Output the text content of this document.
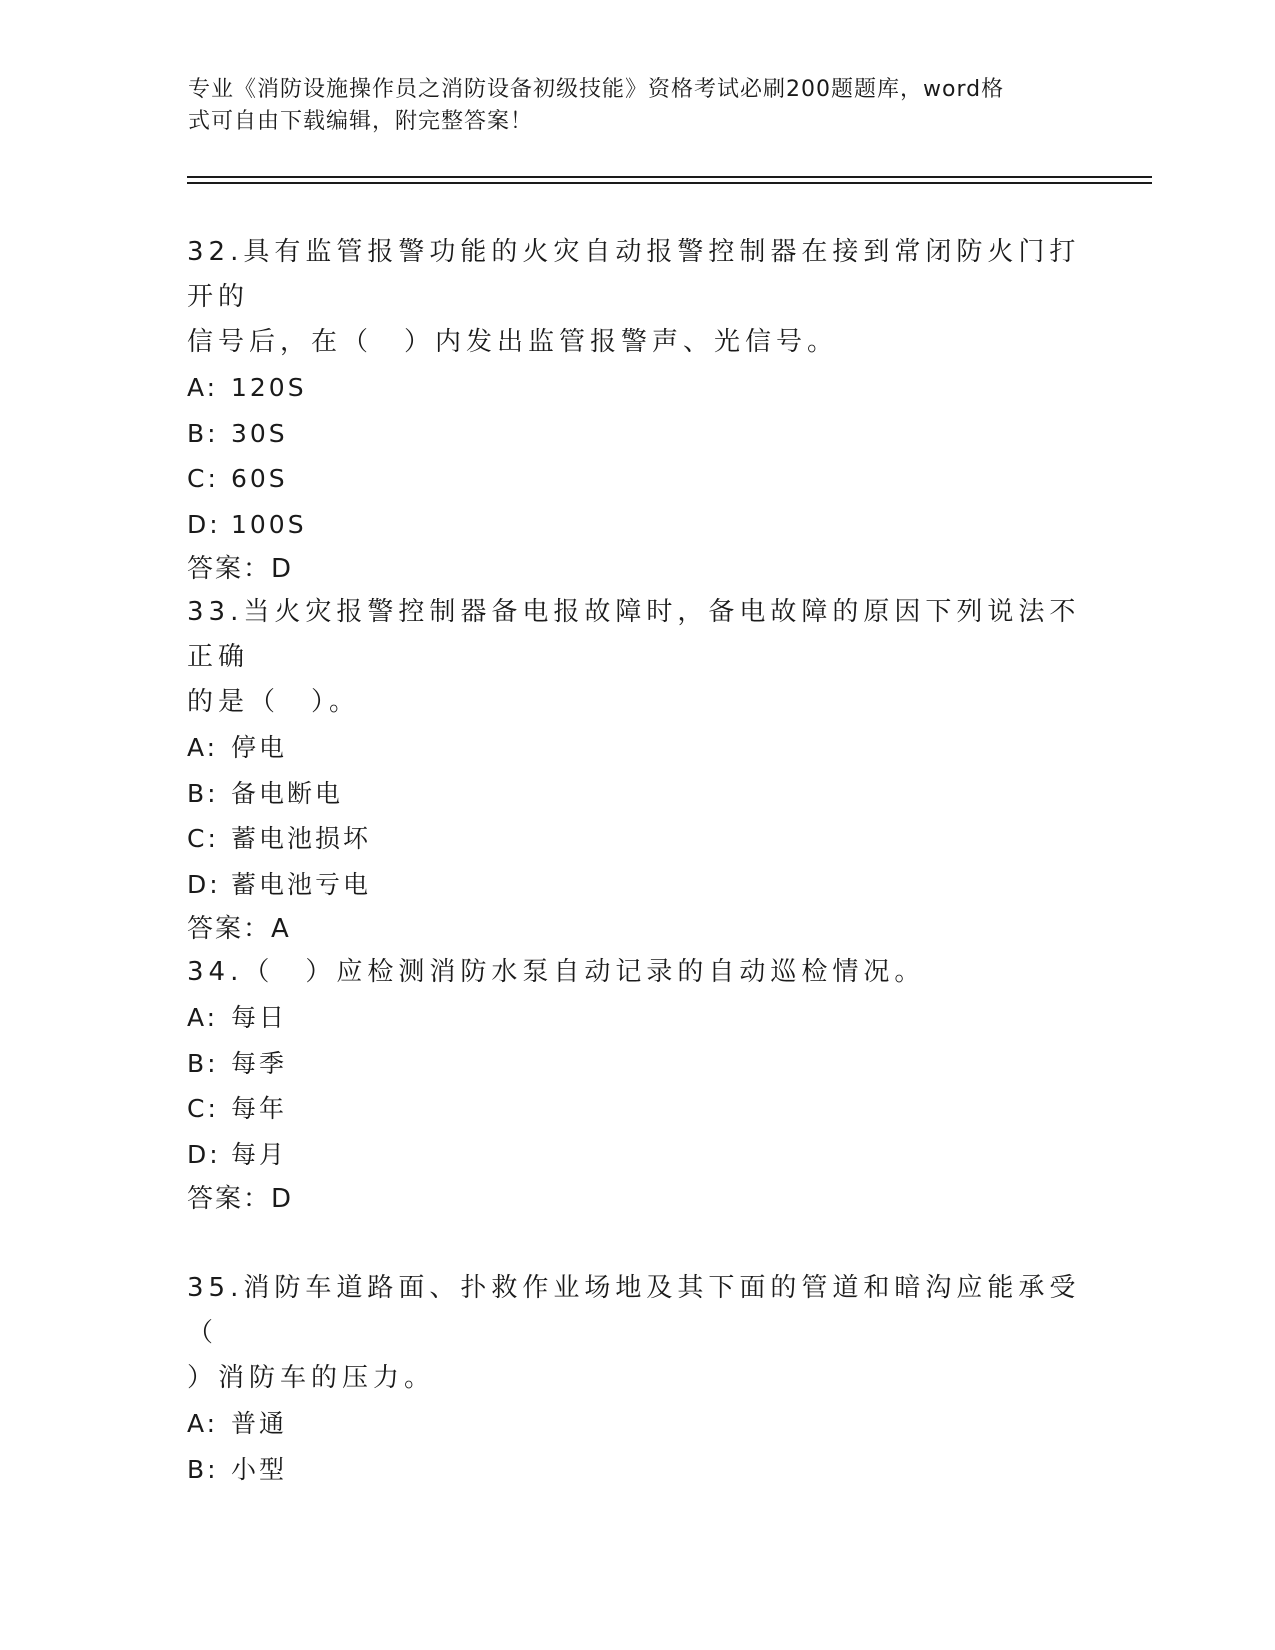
专业《消防设施操作员之消防设备初级技能》资格考试必刷200题题库，word格
式可自由下载编辑，附完整答案！

32.具有监管报警功能的火灾自动报警控制器在接到常闭防火门打开的

信号后，在（　）内发出监管报警声、光信号。

A: 120S

B: 30S

C: 60S

D: 100S

答案：D

33.当火灾报警控制器备电报故障时，备电故障的原因下列说法不正确

的是（　）。

A: 停电

B: 备电断电

C: 蓄电池损坏

D: 蓄电池亏电

答案：A

34.（　）应检测消防水泵自动记录的自动巡检情况。

A: 每日

B: 每季

C: 每年

D: 每月

答案：D

35.消防车道路面、扑救作业场地及其下面的管道和暗沟应能承受（

）消防车的压力。

A: 普通

B: 小型
